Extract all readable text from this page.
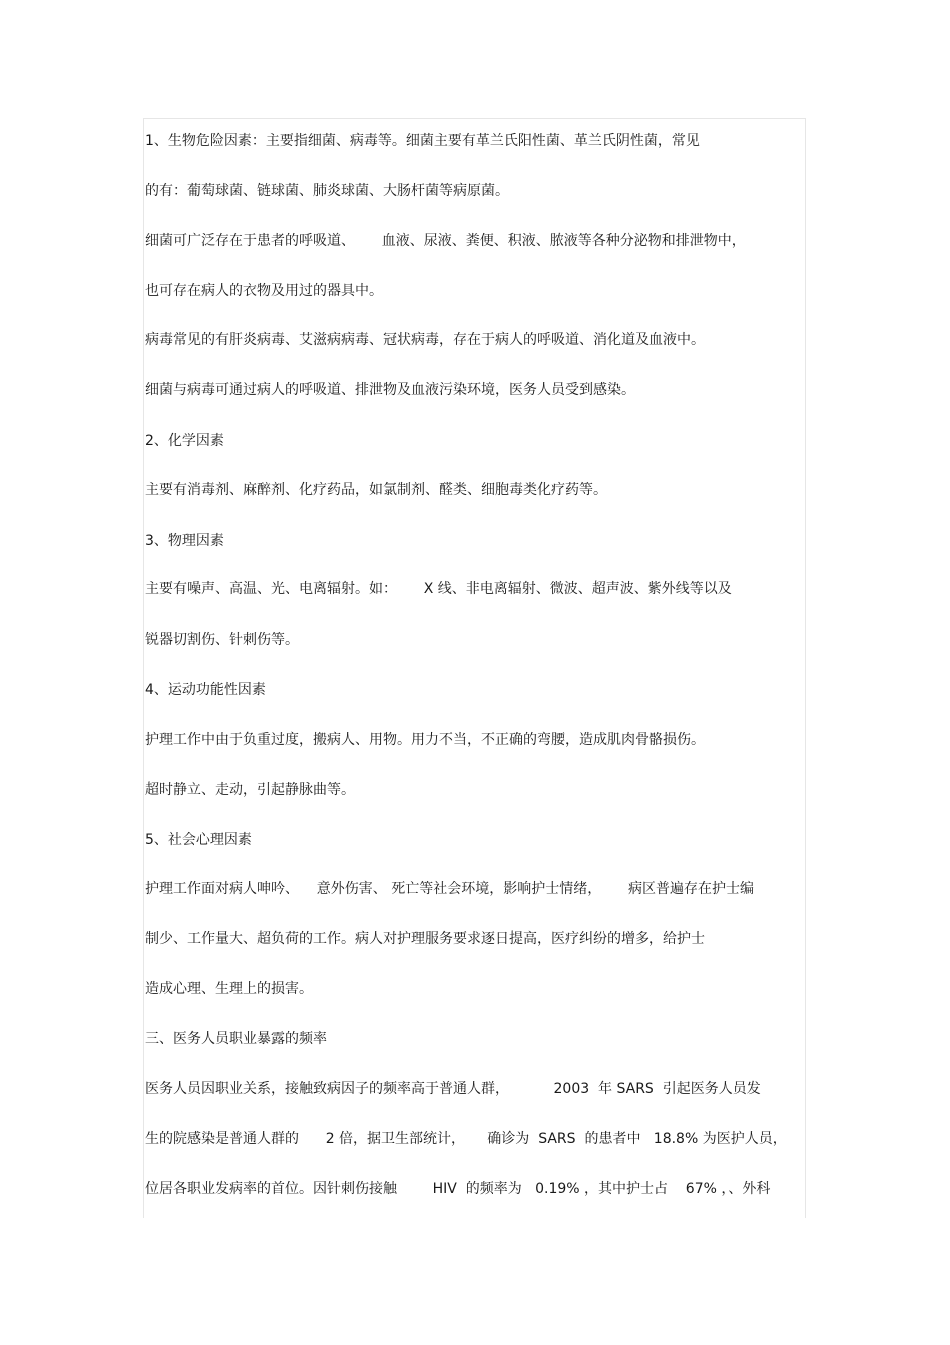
1、生物危险因素：主要指细菌、病毒等。细菌主要有革兰氏阳性菌、革兰氏阴性菌，常见
的有：葡萄球菌、链球菌、肺炎球菌、大肠杆菌等病原菌。
细菌可广泛存在于患者的呼吸道、      血液、尿液、粪便、积液、脓液等各种分泌物和排泄物中，
也可存在病人的衣物及用过的器具中。
病毒常见的有肝炎病毒、艾滋病病毒、冠状病毒，存在于病人的呼吸道、消化道及血液中。
细菌与病毒可通过病人的呼吸道、排泄物及血液污染环境，医务人员受到感染。
2、化学因素
主要有消毒剂、麻醉剂、化疗药品，如氯制剂、醛类、细胞毒类化疗药等。
3、物理因素
主要有噪声、高温、光、电离辐射。如：      X 线、非电离辐射、微波、超声波、紫外线等以及
锐器切割伤、针刺伤等。
4、运动功能性因素
护理工作中由于负重过度，搬病人、用物。用力不当，不正确的弯腰，造成肌肉骨骼损伤。
超时静立、走动，引起静脉曲等。
5、社会心理因素
护理工作面对病人呻吟、    意外伤害、 死亡等社会环境，影响护士情绪，      病区普遍存在护士编
制少、工作量大、超负荷的工作。病人对护理服务要求逐日提高，医疗纠纷的增多，给护士
造成心理、生理上的损害。
三、医务人员职业暴露的频率
医务人员因职业关系，接触致病因子的频率高于普通人群，          2003  年 SARS  引起医务人员发
生的院感染是普通人群的      2 倍，据卫生部统计，     确诊为  SARS  的患者中   18.8% 为医护人员，
位居各职业发病率的首位。因针刺伤接触        HIV  的频率为   0.19% ，其中护士占    67% ，、外科
